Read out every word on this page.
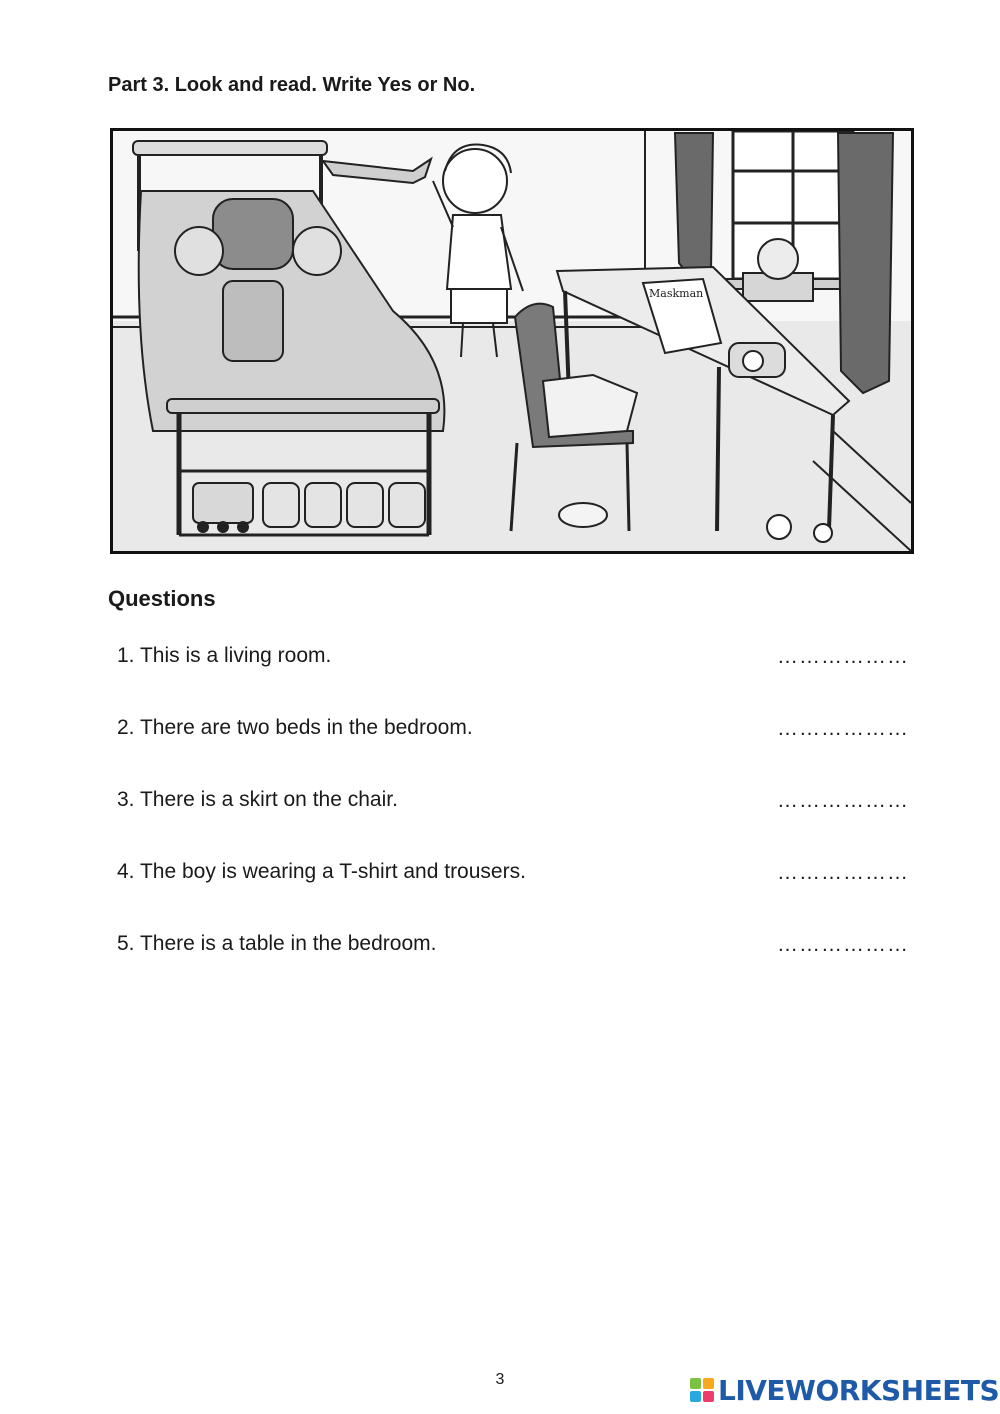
Part 3. Look and read. Write Yes or No.
Maskman
Questions
1. This is a living room.
………………
2. There are two beds in the bedroom.
………………
3. There is a skirt on the chair.
………………
4. The boy is wearing a T-shirt and trousers.
………………
5. There is a table in the bedroom.
………………
3	LIVEWORKSHEETS
